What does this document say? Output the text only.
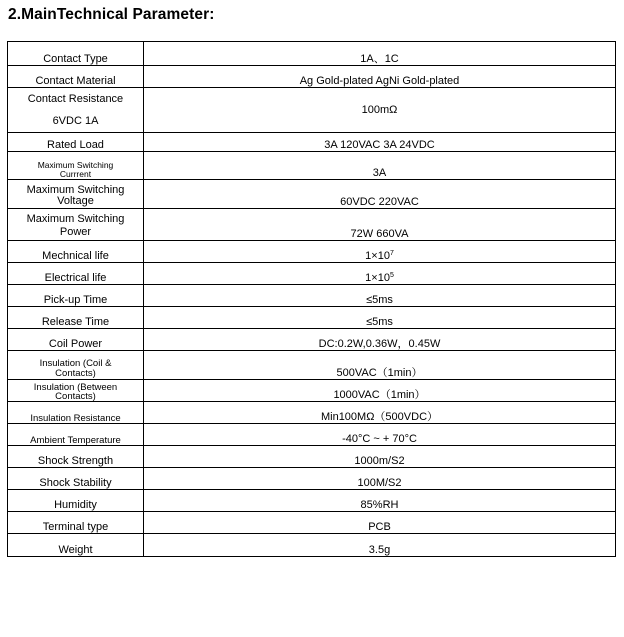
2.MainTechnical Parameter:
Contact Type	1A、1C
Contact Material	Ag Gold-plated AgNi Gold-plated

Contact Resistance
6VDC 1A	100mΩ
Rated Load	3A 120VAC 3A 24VDC

Maximum Switching
Currrent	3A

Maximum Switching
Voltage	60VDC 220VAC

Maximum Switching
Power	72W 660VA
Mechnical life	$1\times 10^7$
Electrical life	$1\times 10^5$
Pick-up Time	≤5ms
Release Time	≤5ms
Coil Power	DC:0.2W,0.36W，0.45W

Insulation (Coil &
Contacts)	500VAC（1min）

Insulation (Between
Contacts)	1000VAC（1min）
Insulation Resistance	Min100MΩ（500VDC）
Ambient Temperature	-40°C ~ + 70°C
Shock Strength	1000m/S2
Shock Stability	100M/S2
Humidity	85%RH
Terminal type	PCB
Weight	3.5g
